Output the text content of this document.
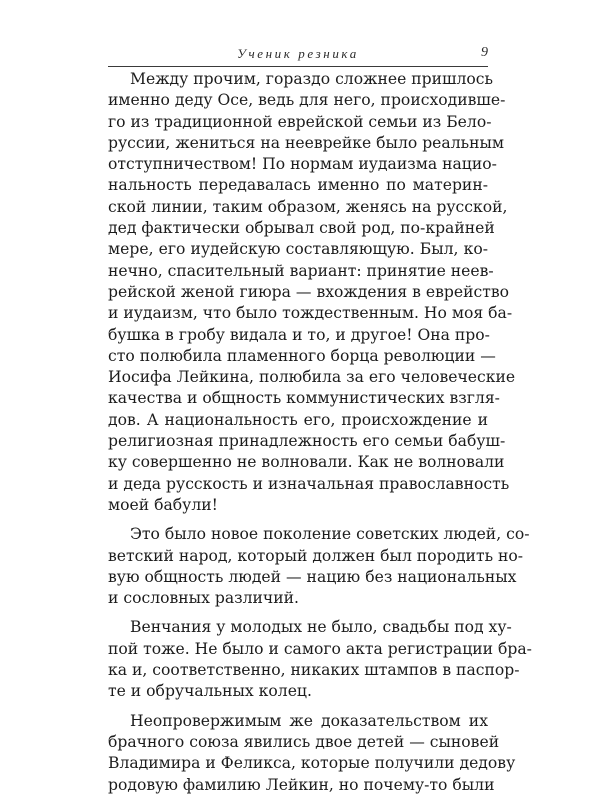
Ученик резника	9
Между прочим, гораздо сложнее пришлось
именно деду Осе, ведь для него, происходивше-
го из традиционной еврейской семьи из Бело-
руссии, жениться на нееврейке было реальным
отступничеством! По нормам иудаизма нацио-
нальность передавалась именно по материн-
ской линии, таким образом, женясь на русской,
дед фактически обрывал свой род, по-крайней
мере, его иудейскую составляющую. Был, ко-
нечно, спасительный вариант: принятие неев-
рейской женой гиюра — вхождения в еврейство
и иудаизм, что было тождественным. Но моя ба-
бушка в гробу видала и то, и другое! Она про-
сто полюбила пламенного борца революции —
Иосифа Лейкина, полюбила за его человеческие
качества и общность коммунистических взгля-
дов. А национальность его, происхождение и
религиозная принадлежность его семьи бабуш-
ку совершенно не волновали. Как не волновали
и деда русскость и изначальная православность
моей бабули!
Это было новое поколение советских людей, со-
ветский народ, который должен был породить но-
вую общность людей — нацию без национальных
и сословных различий.
Венчания у молодых не было, свадьбы под ху-
пой тоже. Не было и самого акта регистрации бра-
ка и, соответственно, никаких штампов в паспор-
те и обручальных колец.
Неопровержимым же доказательством их
брачного союза явились двое детей — сыновей
Владимира и Феликса, которые получили дедову
родовую фамилию Лейкин, но почему-то были
